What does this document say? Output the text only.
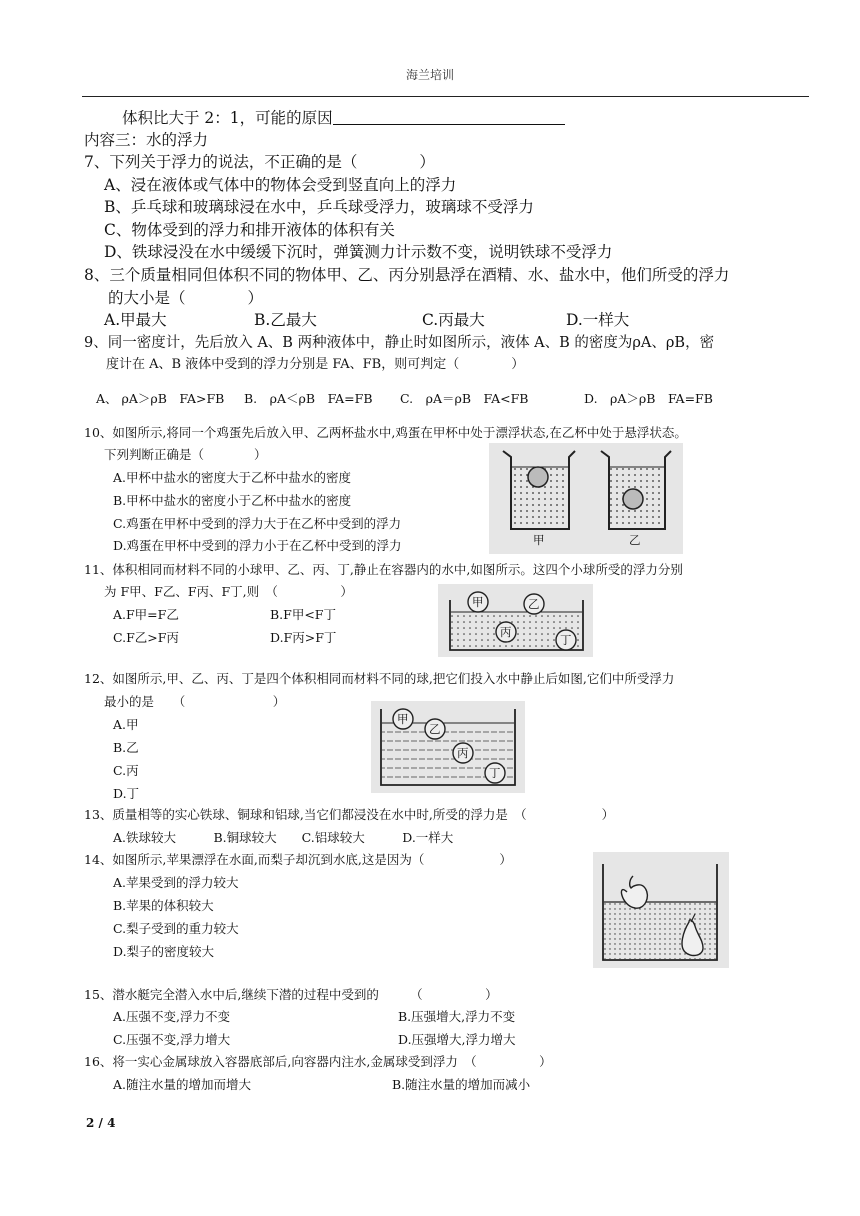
海兰培训
体积比大于 2：1，可能的原因
内容三：水的浮力
7、下列关于浮力的说法，不正确的是（　　　　）
A、浸在液体或气体中的物体会受到竖直向上的浮力
B、乒乓球和玻璃球浸在水中，乒乓球受浮力，玻璃球不受浮力
C、物体受到的浮力和排开液体的体积有关
D、铁球浸没在水中缓缓下沉时，弹簧测力计示数不变，说明铁球不受浮力
8、三个质量相同但体积不同的物体甲、乙、丙分别悬浮在酒精、水、盐水中，他们所受的浮力
的大小是（　　　　）
A.甲最大	B.乙最大	C.丙最大	D.一样大
9、同一密度计，先后放入 A、B 两种液体中，静止时如图所示，液体 A、B 的密度为ρA、ρB，密
度计在 A、B 液体中受到的浮力分别是 FA、FB，则可判定（　　　　）
A、 ρA＞ρB　FA>FB B.　ρA＜ρB　FA=FB C.　ρA＝ρB　FA<FB	D.　ρA＞ρB　FA=FB
10、如图所示,将同一个鸡蛋先后放入甲、乙两杯盐水中,鸡蛋在甲杯中处于漂浮状态,在乙杯中处于悬浮状态。
下列判断正确是（　　　　）
A.甲杯中盐水的密度大于乙杯中盐水的密度
B.甲杯中盐水的密度小于乙杯中盐水的密度
C.鸡蛋在甲杯中受到的浮力大于在乙杯中受到的浮力
D.鸡蛋在甲杯中受到的浮力小于在乙杯中受到的浮力	甲	乙
11、体积相同而材料不同的小球甲、乙、丙、丁,静止在容器内的水中,如图所示。这四个小球所受的浮力分别
为 F甲、F乙、F丙、F丁,则　（　　　　　）
A.F甲=F乙	B.F甲<F丁
C.F乙>F丙	D.F丙>F丁
甲	乙
丙
丁
12、如图所示,甲、乙、丙、丁是四个体积相同而材料不同的球,把它们投入水中静止后如图,它们中所受浮力
最小的是　　（　　　　　　　）
A.甲
B.乙
C.丙
D.丁
甲
乙
丙
丁
13、质量相等的实心铁球、铜球和铝球,当它们都浸没在水中时,所受的浮力是　（　　　　　　）
A.铁球较大　　　B.铜球较大　　C.铝球较大　　　D.一样大
14、如图所示,苹果漂浮在水面,而梨子却沉到水底,这是因为（　　　　　　）
A.苹果受到的浮力较大
B.苹果的体积较大
C.梨子受到的重力较大
D.梨子的密度较大
15、潜水艇完全潜入水中后,继续下潜的过程中受到的　　　（　　　　　）
A.压强不变,浮力不变	B.压强增大,浮力不变
C.压强不变,浮力增大	D.压强增大,浮力增大
16、将一实心金属球放入容器底部后,向容器内注水,金属球受到浮力　（　　　　　）
A.随注水量的增加而增大	B.随注水量的增加而减小
2 / 4
